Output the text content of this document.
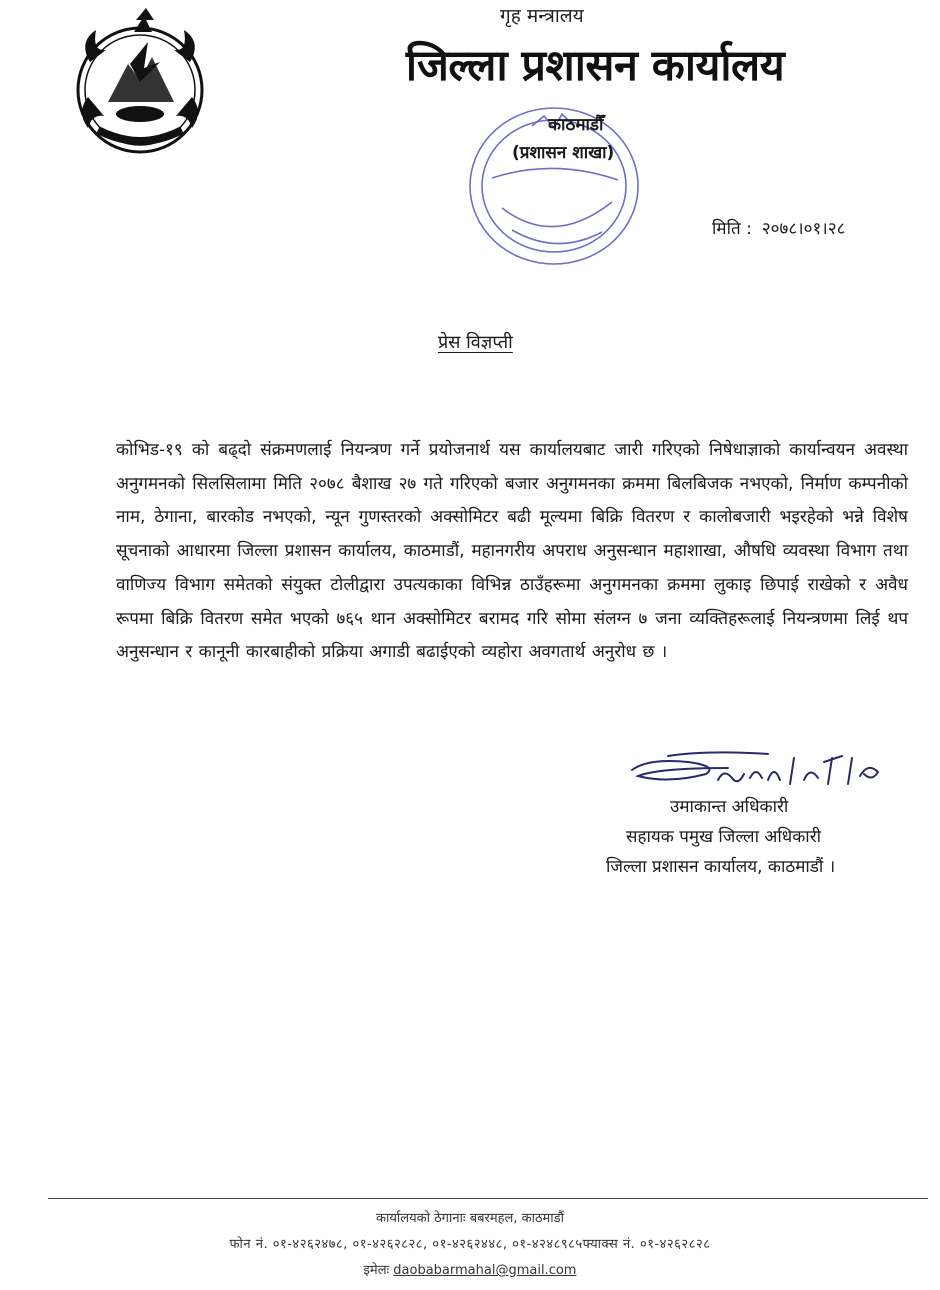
गृह मन्त्रालय
जिल्ला प्रशासन कार्यालय
काठमाडौँ
(प्रशासन शाखा)
मिति : २०७८।०१।२८
प्रेस विज्ञप्ती
कोभिड-१९ को बढ्दो संक्रमणलाई नियन्त्रण गर्ने प्रयोजनार्थ यस कार्यालयबाट जारी गरिएको निषेधाज्ञाको कार्यान्वयन अवस्था अनुगमनको सिलसिलामा मिति २०७८ बैशाख २७ गते गरिएको बजार अनुगमनका क्रममा बिलबिजक नभएको, निर्माण कम्पनीको नाम, ठेगाना, बारकोड नभएको, न्यून गुणस्तरको अक्सोमिटर बढी मूल्यमा बिक्रि वितरण र कालोबजारी भइरहेको भन्ने विशेष सूचनाको आधारमा जिल्ला प्रशासन कार्यालय, काठमाडौं, महानगरीय अपराध अनुसन्धान महाशाखा, औषधि व्यवस्था विभाग तथा वाणिज्य विभाग समेतको संयुक्त टोलीद्वारा उपत्यकाका विभिन्न ठाउँहरूमा अनुगमनका क्रममा लुकाइ छिपाई राखेको र अवैध रूपमा बिक्रि वितरण समेत भएको ७६५ थान अक्सोमिटर बरामद गरि सोमा संलग्न ७ जना व्यक्तिहरूलाई नियन्त्रणमा लिई थप अनुसन्धान र कानूनी कारबाहीको प्रक्रिया अगाडी बढाईएको व्यहोरा अवगतार्थ अनुरोध छ ।
उमाकान्त अधिकारी
सहायक पमुख जिल्ला अधिकारी
जिल्ला प्रशासन कार्यालय, काठमाडौं ।
कार्यालयको ठेगानाः बबरमहल, काठमाडौं
फोन नं. ०१-४२६२४७८, ०१-४२६२८२८, ०१-४२६२४४८, ०१-४२४८९८५फ्याक्स नं. ०१-४२६२८२८
इमेलः daobabarmahal@gmail.com
